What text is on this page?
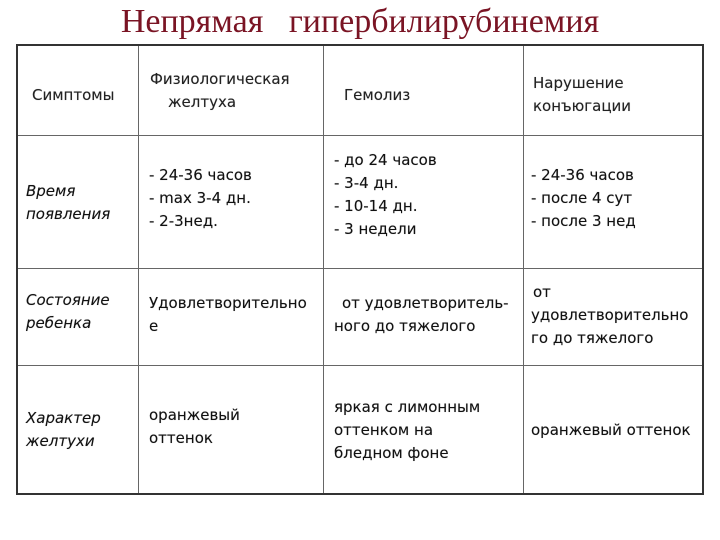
Непрямая   гипербилирубинемия
Симптомы
Физиологическая
желтуха	Гемолиз
Нарушение
конъюгации
Время
появления
- 24-36 часов
- max 3-4 дн.
- 2-3нед.
- до 24 часов
- 3-4 дн.
- 10-14 дн.
- 3 недели
- 24-36 часов
- после 4 сут
- после 3 нед
Состояние
ребенка
Удовлетворительно
е
от удовлетворитель-
ного до тяжелого
от
удовлетворительно
го до тяжелого
Характер
желтухи
оранжевый
оттенок
яркая с лимонным
оттенком на
бледном фоне
оранжевый оттенок
